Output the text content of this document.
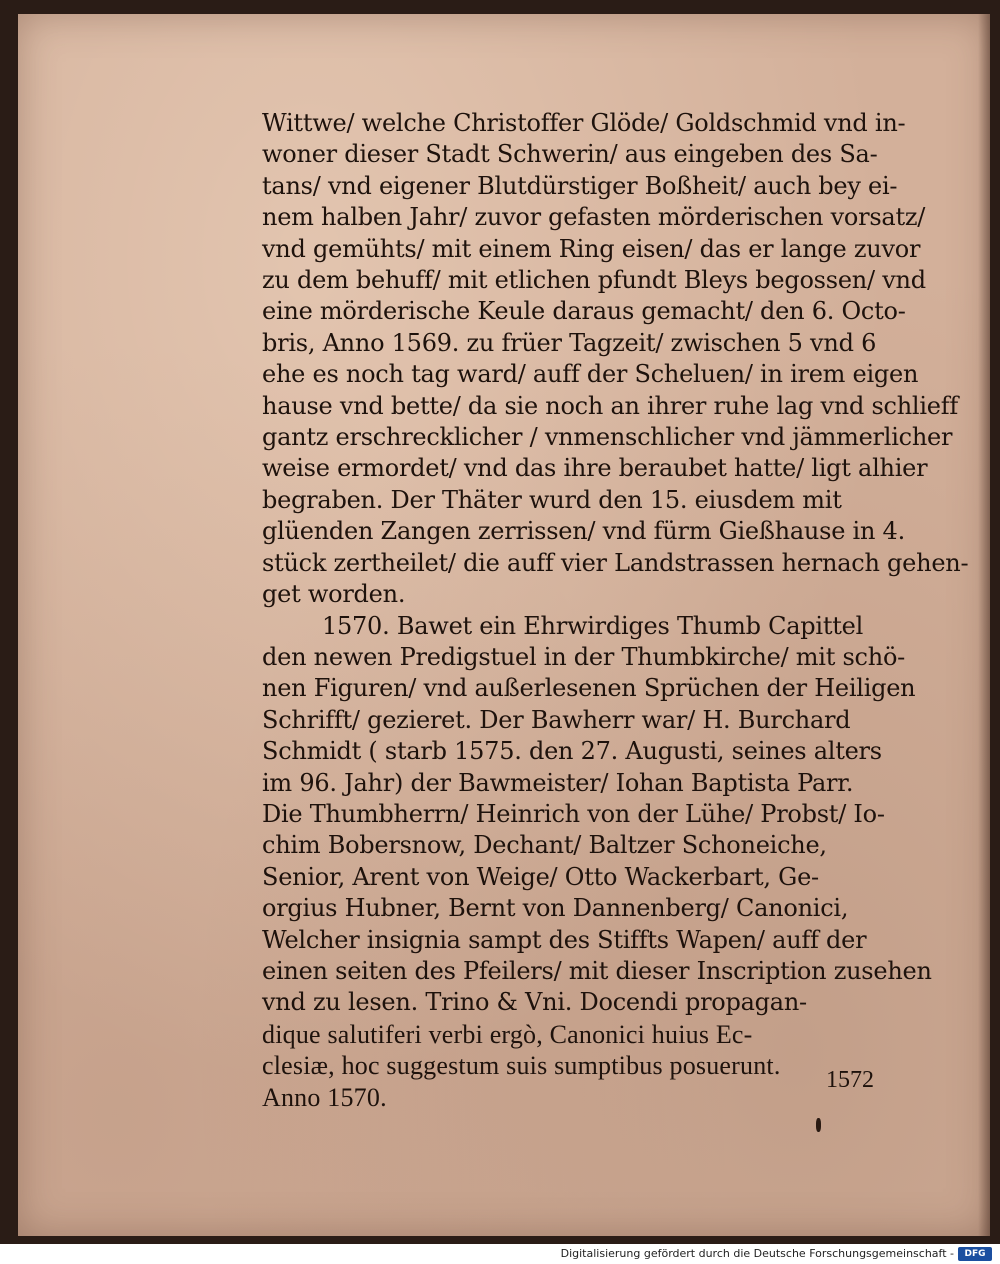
Wittwe/ welche Christoffer Glöde/ Goldschmid vnd in-
woner dieser Stadt Schwerin/ aus eingeben des Sa-
tans/ vnd eigener Blutdürstiger Boßheit/ auch bey ei-
nem halben Jahr/ zuvor gefasten mörderischen vorsatz/
vnd gemühts/ mit einem Ring eisen/ das er lange zuvor
zu dem behuff/ mit etlichen pfundt Bleys begossen/ vnd
eine mörderische Keule daraus gemacht/ den 6. Octo-
bris, Anno 1569. zu früer Tagzeit/ zwischen 5 vnd 6
ehe es noch tag ward/ auff der Scheluen/ in irem eigen
hause vnd bette/ da sie noch an ihrer ruhe lag vnd schlieff
gantz erschrecklicher / vnmenschlicher vnd jämmerlicher
weise ermordet/ vnd das ihre beraubet hatte/ ligt alhier
begraben. Der Thäter wurd den 15. eiusdem mit
glüenden Zangen zerrissen/ vnd fürm Gießhause in 4.
stück zertheilet/ die auff vier Landstrassen hernach gehen-
get worden.
1570. Bawet ein Ehrwirdiges Thumb Capittel
den newen Predigstuel in der Thumbkirche/ mit schö-
nen Figuren/ vnd außerlesenen Sprüchen der Heiligen
Schrifft/ gezieret. Der Bawherr war/ H. Burchard
Schmidt ( starb 1575. den 27. Augusti, seines alters
im 96. Jahr) der Bawmeister/ Iohan Baptista Parr.
Die Thumbherrn/ Heinrich von der Lühe/ Probst/ Io-
chim Bobersnow, Dechant/ Baltzer Schoneiche,
Senior, Arent von Weige/ Otto Wackerbart, Ge-
orgius Hubner, Bernt von Dannenberg/ Canonici,
Welcher insignia sampt des Stiffts Wapen/ auff der
einen seiten des Pfeilers/ mit dieser Inscription zusehen
vnd zu lesen. Trino & Vni. Docendi propagan-
dique salutiferi verbi ergò, Canonici huius Ec-
clesiæ, hoc suggestum suis sumptibus posuerunt.
Anno 1570.
1572
Digitalisierung gefördert durch die Deutsche Forschungsgemeinschaft -	DFG
